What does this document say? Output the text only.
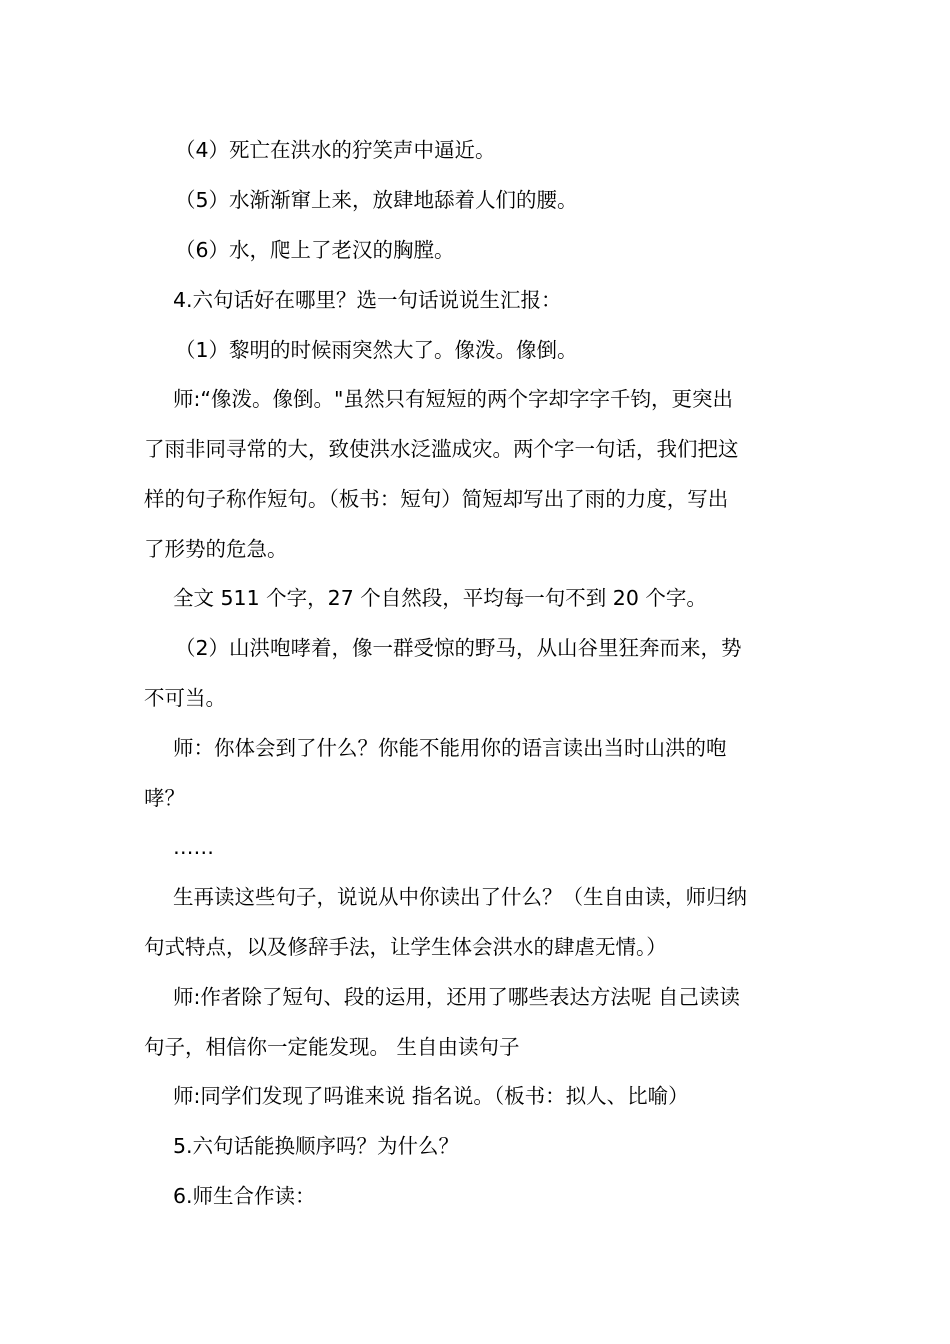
（4）死亡在洪水的狞笑声中逼近。
（5）水渐渐窜上来，放肆地舔着人们的腰。
（6）水，爬上了老汉的胸膛。
4.六句话好在哪里？选一句话说说生汇报：
（1）黎明的时候雨突然大了。像泼。像倒。
师:“像泼。像倒。"虽然只有短短的两个字却字字千钧，更突出
了雨非同寻常的大，致使洪水泛滥成灾。两个字一句话，我们把这
样的句子称作短句。（板书：短句）简短却写出了雨的力度，写出
了形势的危急。
全文 511 个字，27 个自然段，平均每一句不到 20 个字。
（2）山洪咆哮着，像一群受惊的野马，从山谷里狂奔而来，势
不可当。
师：你体会到了什么？你能不能用你的语言读出当时山洪的咆
哮？
……
生再读这些句子，说说从中你读出了什么？（生自由读，师归纳
句式特点，以及修辞手法，让学生体会洪水的肆虐无情。）
师:作者除了短句、段的运用，还用了哪些表达方法呢 自己读读
句子，相信你一定能发现。 生自由读句子
师:同学们发现了吗谁来说 指名说。（板书：拟人、比喻）
5.六句话能换顺序吗？为什么？
6.师生合作读：
